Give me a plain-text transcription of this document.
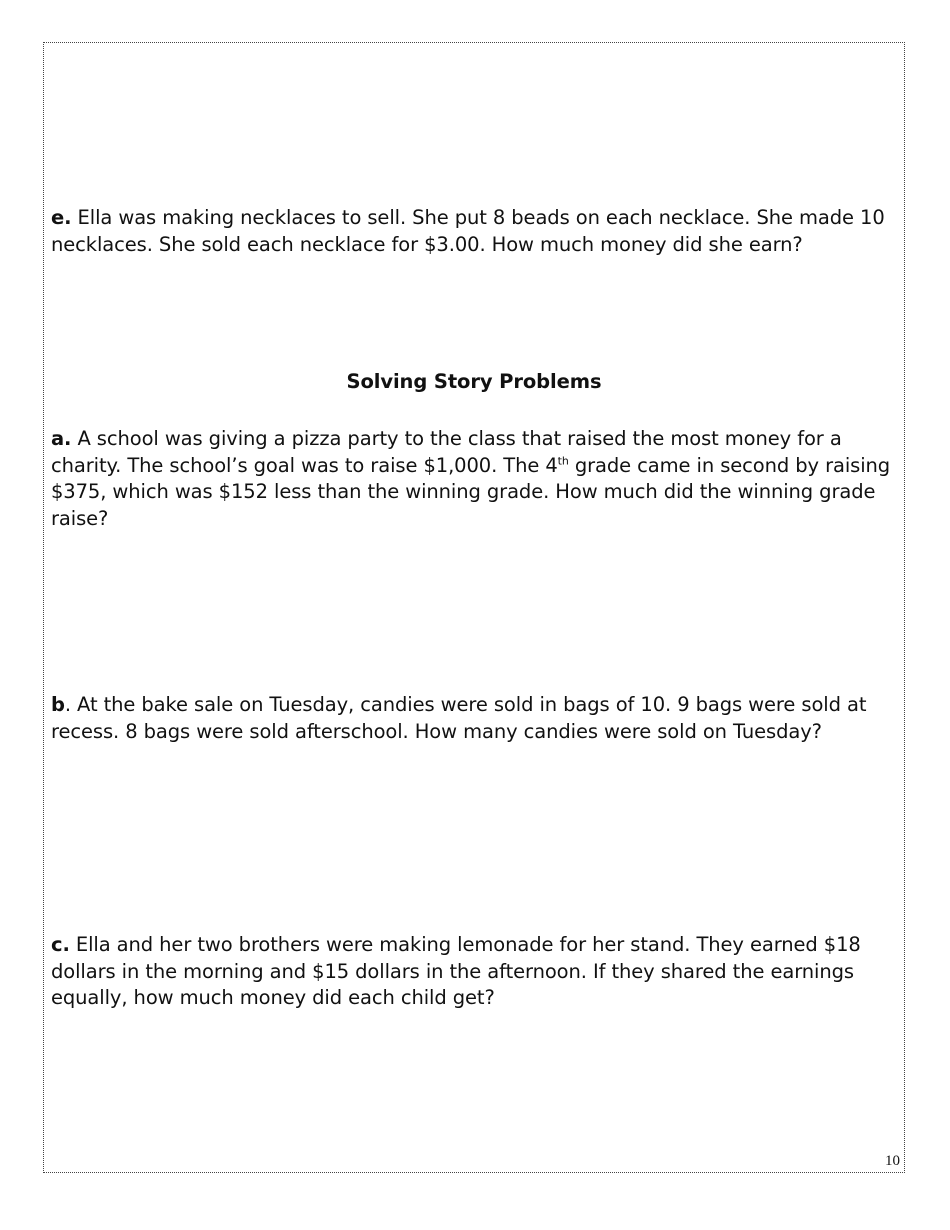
e. Ella was making necklaces to sell. She put 8 beads on each necklace. She made 10 necklaces. She sold each necklace for $3.00. How much money did she earn?

Solving Story Problems

a. A school was giving a pizza party to the class that raised the most money for a charity. The school’s goal was to raise $1,000. The 4th grade came in second by raising $375, which was $152 less than the winning grade. How much did the winning grade raise?

b. At the bake sale on Tuesday, candies were sold in bags of 10. 9 bags were sold at recess. 8 bags were sold afterschool. How many candies were sold on Tuesday?

c. Ella and her two brothers were making lemonade for her stand. They earned $18 dollars in the morning and $15 dollars in the afternoon. If they shared the earnings equally, how much money did each child get?

10
